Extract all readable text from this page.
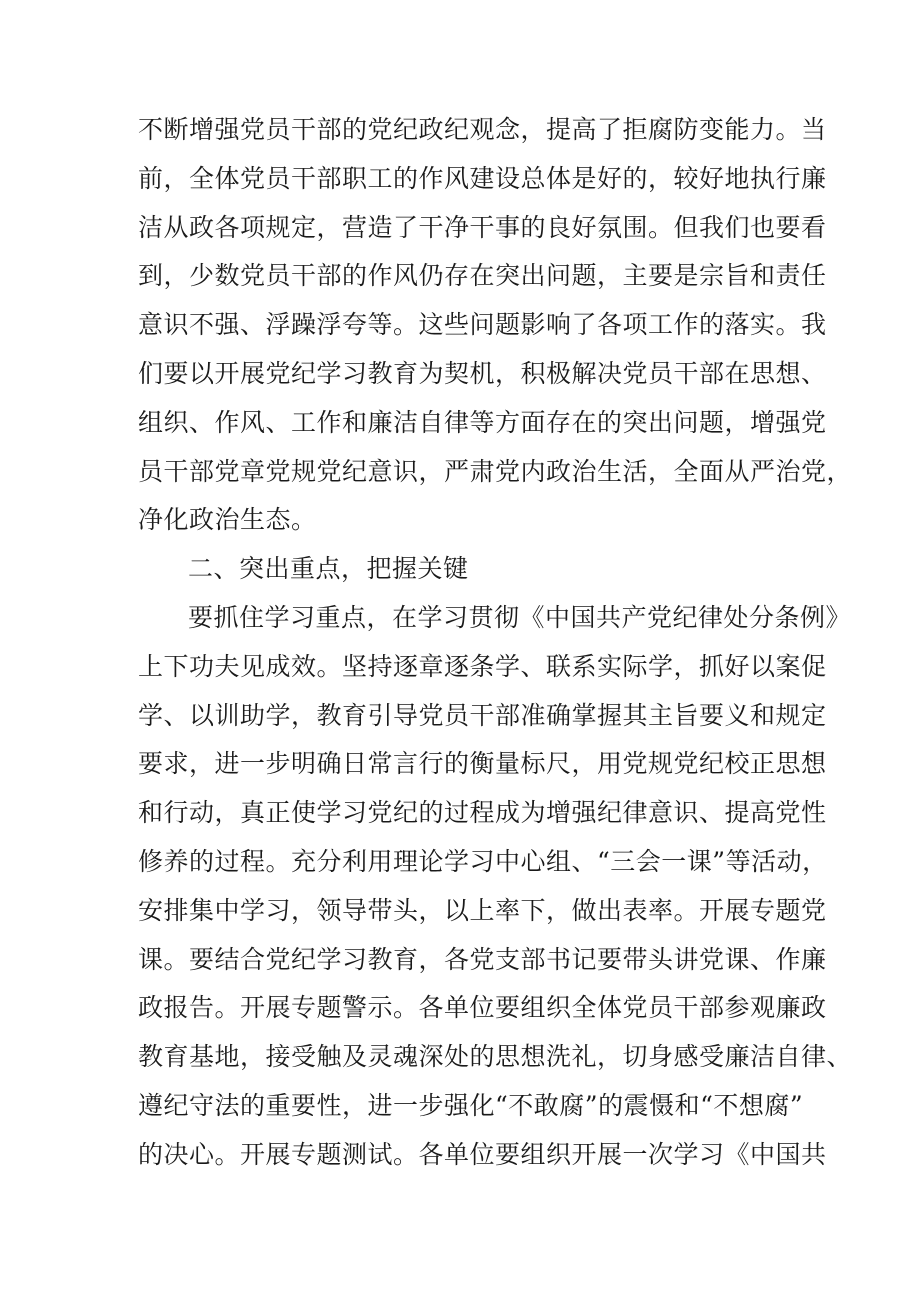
不断增强党员干部的党纪政纪观念，提高了拒腐防变能力。当
前，全体党员干部职工的作风建设总体是好的，较好地执行廉
洁从政各项规定，营造了干净干事的良好氛围。但我们也要看
到，少数党员干部的作风仍存在突出问题，主要是宗旨和责任
意识不强、浮躁浮夸等。这些问题影响了各项工作的落实。我
们要以开展党纪学习教育为契机，积极解决党员干部在思想、
组织、作风、工作和廉洁自律等方面存在的突出问题，增强党
员干部党章党规党纪意识，严肃党内政治生活，全面从严治党，
净化政治生态。
二、突出重点，把握关键
要抓住学习重点，在学习贯彻《中国共产党纪律处分条例》
上下功夫见成效。坚持逐章逐条学、联系实际学，抓好以案促
学、以训助学，教育引导党员干部准确掌握其主旨要义和规定
要求，进一步明确日常言行的衡量标尺，用党规党纪校正思想
和行动，真正使学习党纪的过程成为增强纪律意识、提高党性
修养的过程。充分利用理论学习中心组、“三会一课”等活动，
安排集中学习，领导带头，以上率下，做出表率。开展专题党
课。要结合党纪学习教育，各党支部书记要带头讲党课、作廉
政报告。开展专题警示。各单位要组织全体党员干部参观廉政
教育基地，接受触及灵魂深处的思想洗礼，切身感受廉洁自律、
遵纪守法的重要性，进一步强化“不敢腐”的震慑和“不想腐”
的决心。开展专题测试。各单位要组织开展一次学习《中国共
